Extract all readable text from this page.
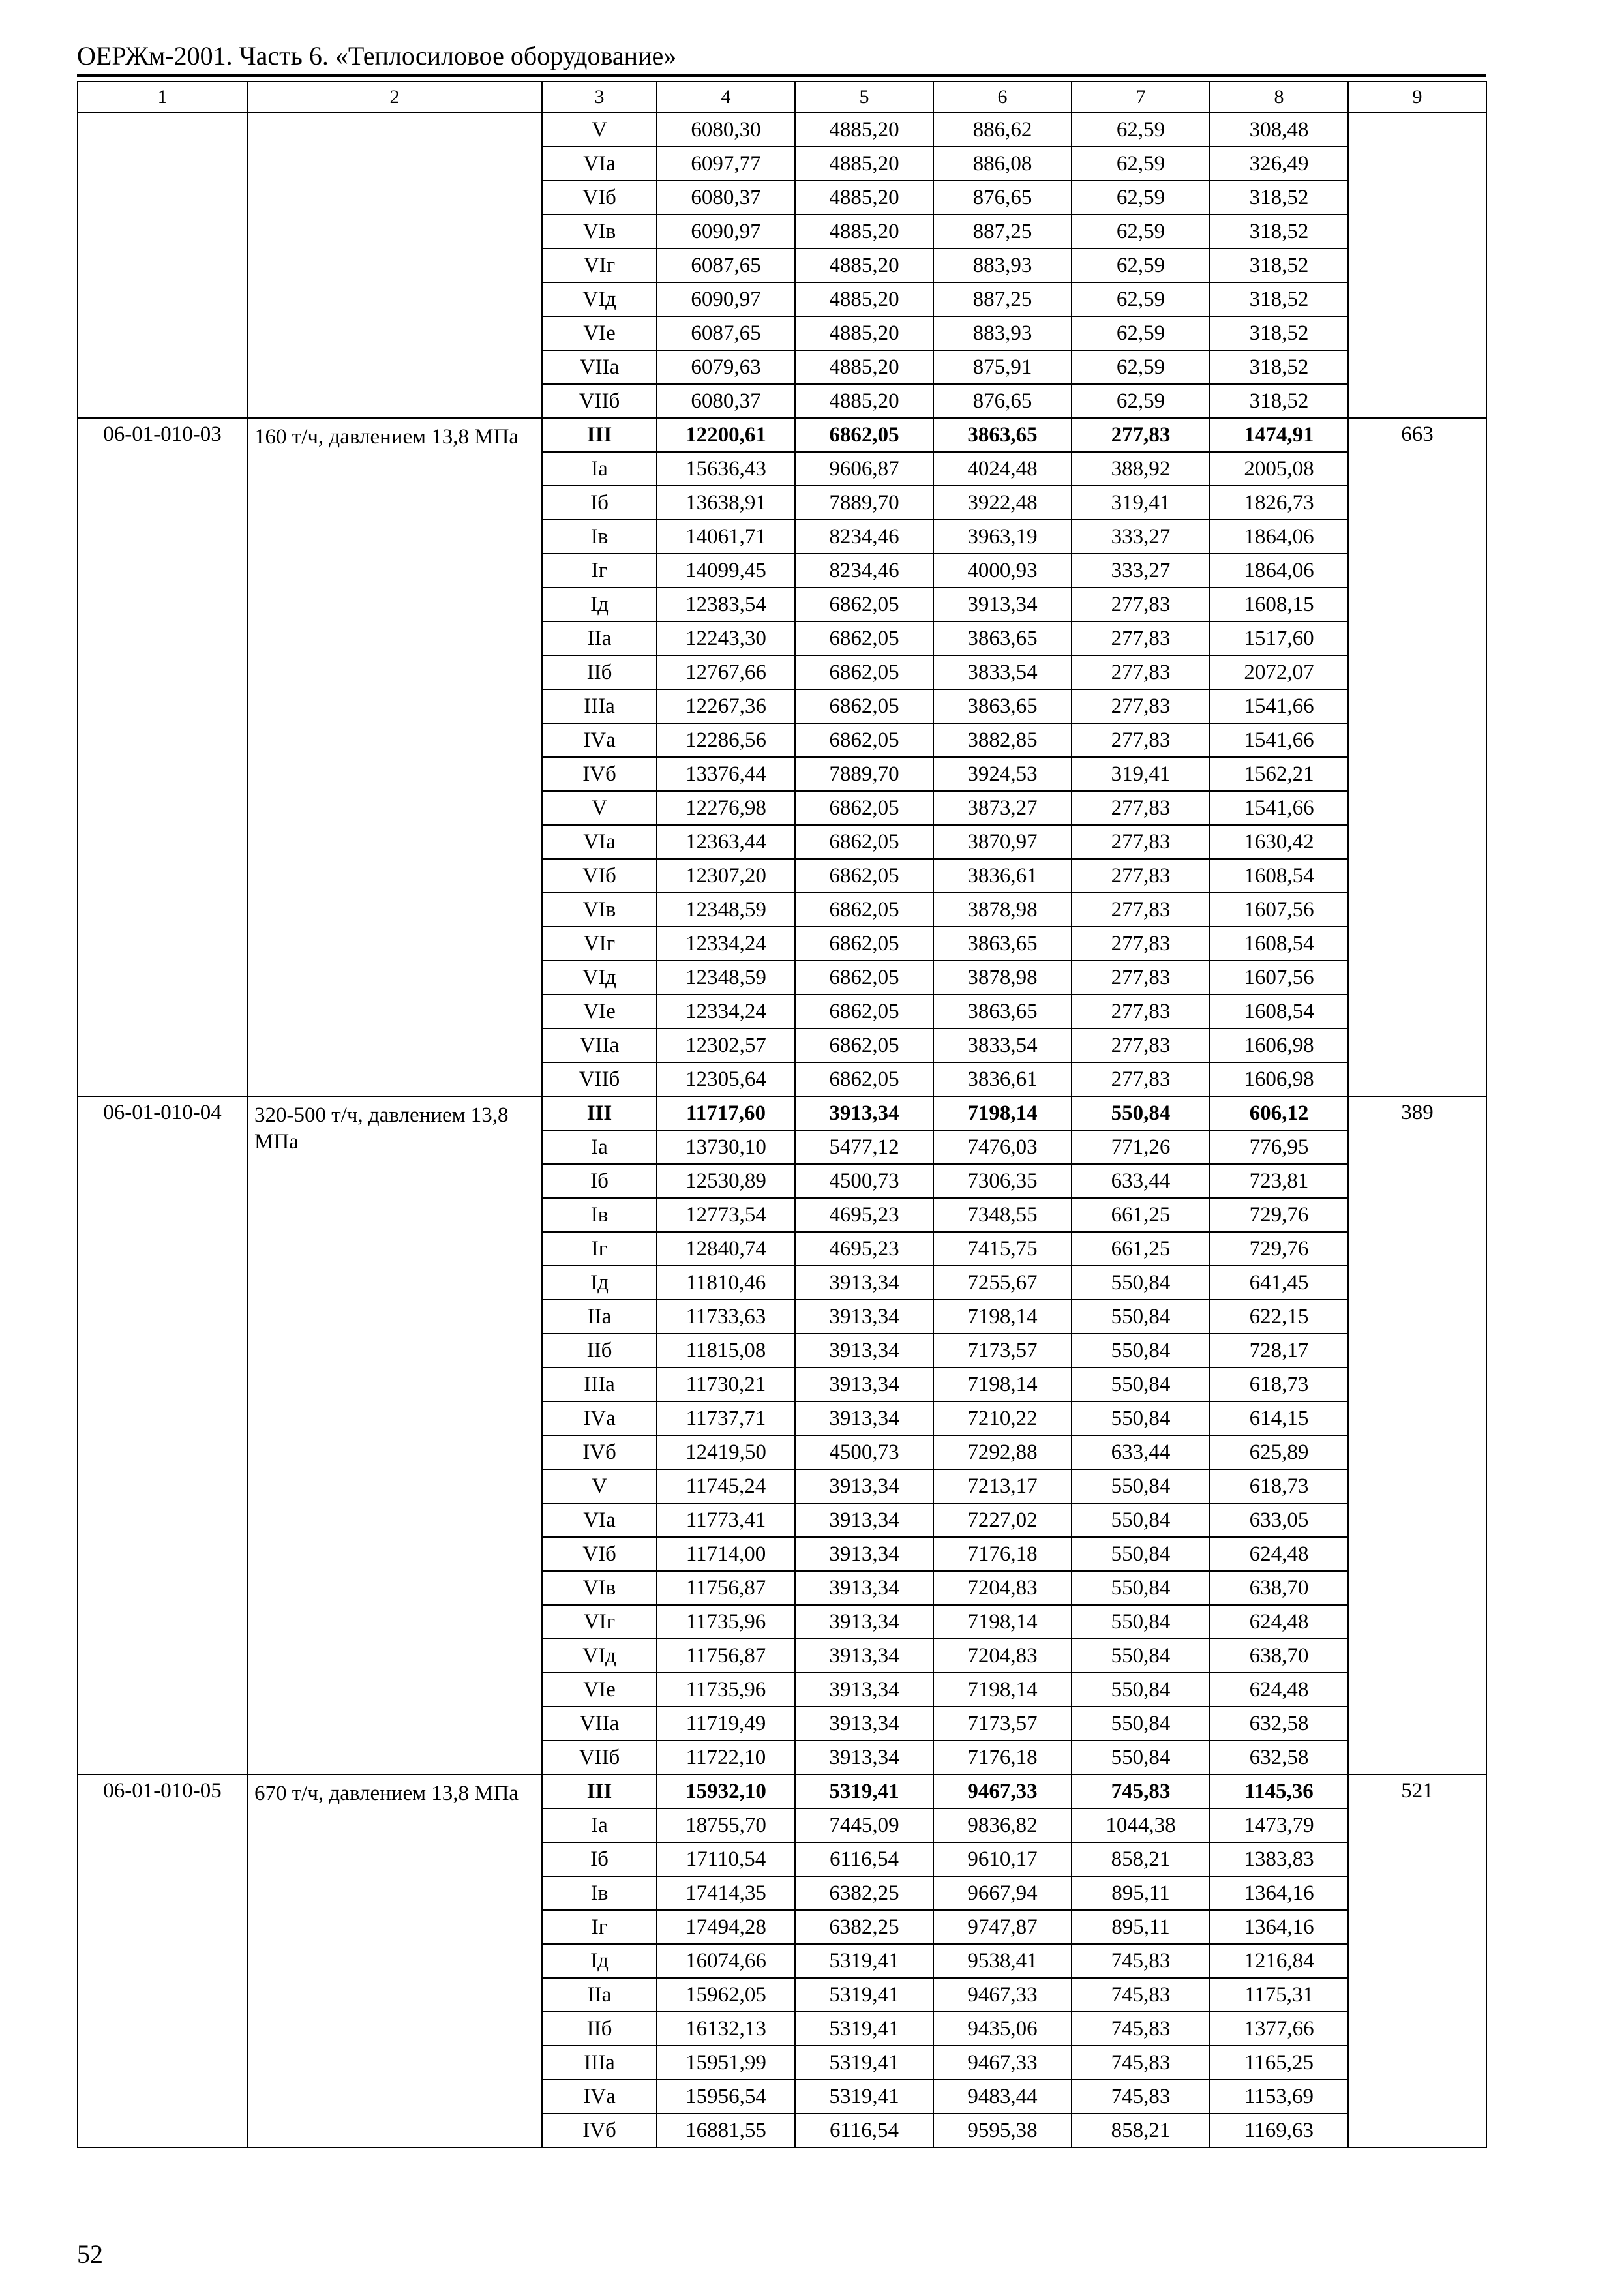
ОЕРЖм-2001. Часть 6. «Теплосиловое оборудование»
1	2	3	4	5	6	7	8	9
		V	6080,30	4885,20	886,62	62,59	308,48	
		VIа	6097,77	4885,20	886,08	62,59	326,49	
		VIб	6080,37	4885,20	876,65	62,59	318,52	
		VIв	6090,97	4885,20	887,25	62,59	318,52	
		VIг	6087,65	4885,20	883,93	62,59	318,52	
		VIд	6090,97	4885,20	887,25	62,59	318,52	
		VIе	6087,65	4885,20	883,93	62,59	318,52	
		VIIа	6079,63	4885,20	875,91	62,59	318,52	
		VIIб	6080,37	4885,20	876,65	62,59	318,52	
06-01-010-03	160 т/ч, давлением 13,8 МПа	III	12200,61	6862,05	3863,65	277,83	1474,91	663
		Iа	15636,43	9606,87	4024,48	388,92	2005,08	
		Iб	13638,91	7889,70	3922,48	319,41	1826,73	
		Iв	14061,71	8234,46	3963,19	333,27	1864,06	
		Iг	14099,45	8234,46	4000,93	333,27	1864,06	
		Iд	12383,54	6862,05	3913,34	277,83	1608,15	
		IIа	12243,30	6862,05	3863,65	277,83	1517,60	
		IIб	12767,66	6862,05	3833,54	277,83	2072,07	
		IIIа	12267,36	6862,05	3863,65	277,83	1541,66	
		IVа	12286,56	6862,05	3882,85	277,83	1541,66	
		IVб	13376,44	7889,70	3924,53	319,41	1562,21	
		V	12276,98	6862,05	3873,27	277,83	1541,66	
		VIа	12363,44	6862,05	3870,97	277,83	1630,42	
		VIб	12307,20	6862,05	3836,61	277,83	1608,54	
		VIв	12348,59	6862,05	3878,98	277,83	1607,56	
		VIг	12334,24	6862,05	3863,65	277,83	1608,54	
		VIд	12348,59	6862,05	3878,98	277,83	1607,56	
		VIе	12334,24	6862,05	3863,65	277,83	1608,54	
		VIIа	12302,57	6862,05	3833,54	277,83	1606,98	
		VIIб	12305,64	6862,05	3836,61	277,83	1606,98	
06-01-010-04	320-500 т/ч, давлением 13,8 МПа	III	11717,60	3913,34	7198,14	550,84	606,12	389
		Iа	13730,10	5477,12	7476,03	771,26	776,95	
		Iб	12530,89	4500,73	7306,35	633,44	723,81	
		Iв	12773,54	4695,23	7348,55	661,25	729,76	
		Iг	12840,74	4695,23	7415,75	661,25	729,76	
		Iд	11810,46	3913,34	7255,67	550,84	641,45	
		IIа	11733,63	3913,34	7198,14	550,84	622,15	
		IIб	11815,08	3913,34	7173,57	550,84	728,17	
		IIIа	11730,21	3913,34	7198,14	550,84	618,73	
		IVа	11737,71	3913,34	7210,22	550,84	614,15	
		IVб	12419,50	4500,73	7292,88	633,44	625,89	
		V	11745,24	3913,34	7213,17	550,84	618,73	
		VIа	11773,41	3913,34	7227,02	550,84	633,05	
		VIб	11714,00	3913,34	7176,18	550,84	624,48	
		VIв	11756,87	3913,34	7204,83	550,84	638,70	
		VIг	11735,96	3913,34	7198,14	550,84	624,48	
		VIд	11756,87	3913,34	7204,83	550,84	638,70	
		VIе	11735,96	3913,34	7198,14	550,84	624,48	
		VIIа	11719,49	3913,34	7173,57	550,84	632,58	
		VIIб	11722,10	3913,34	7176,18	550,84	632,58	
06-01-010-05	670 т/ч, давлением 13,8 МПа	III	15932,10	5319,41	9467,33	745,83	1145,36	521
		Iа	18755,70	7445,09	9836,82	1044,38	1473,79	
		Iб	17110,54	6116,54	9610,17	858,21	1383,83	
		Iв	17414,35	6382,25	9667,94	895,11	1364,16	
		Iг	17494,28	6382,25	9747,87	895,11	1364,16	
		Iд	16074,66	5319,41	9538,41	745,83	1216,84	
		IIа	15962,05	5319,41	9467,33	745,83	1175,31	
		IIб	16132,13	5319,41	9435,06	745,83	1377,66	
		IIIа	15951,99	5319,41	9467,33	745,83	1165,25	
		IVа	15956,54	5319,41	9483,44	745,83	1153,69	
		IVб	16881,55	6116,54	9595,38	858,21	1169,63	
52
